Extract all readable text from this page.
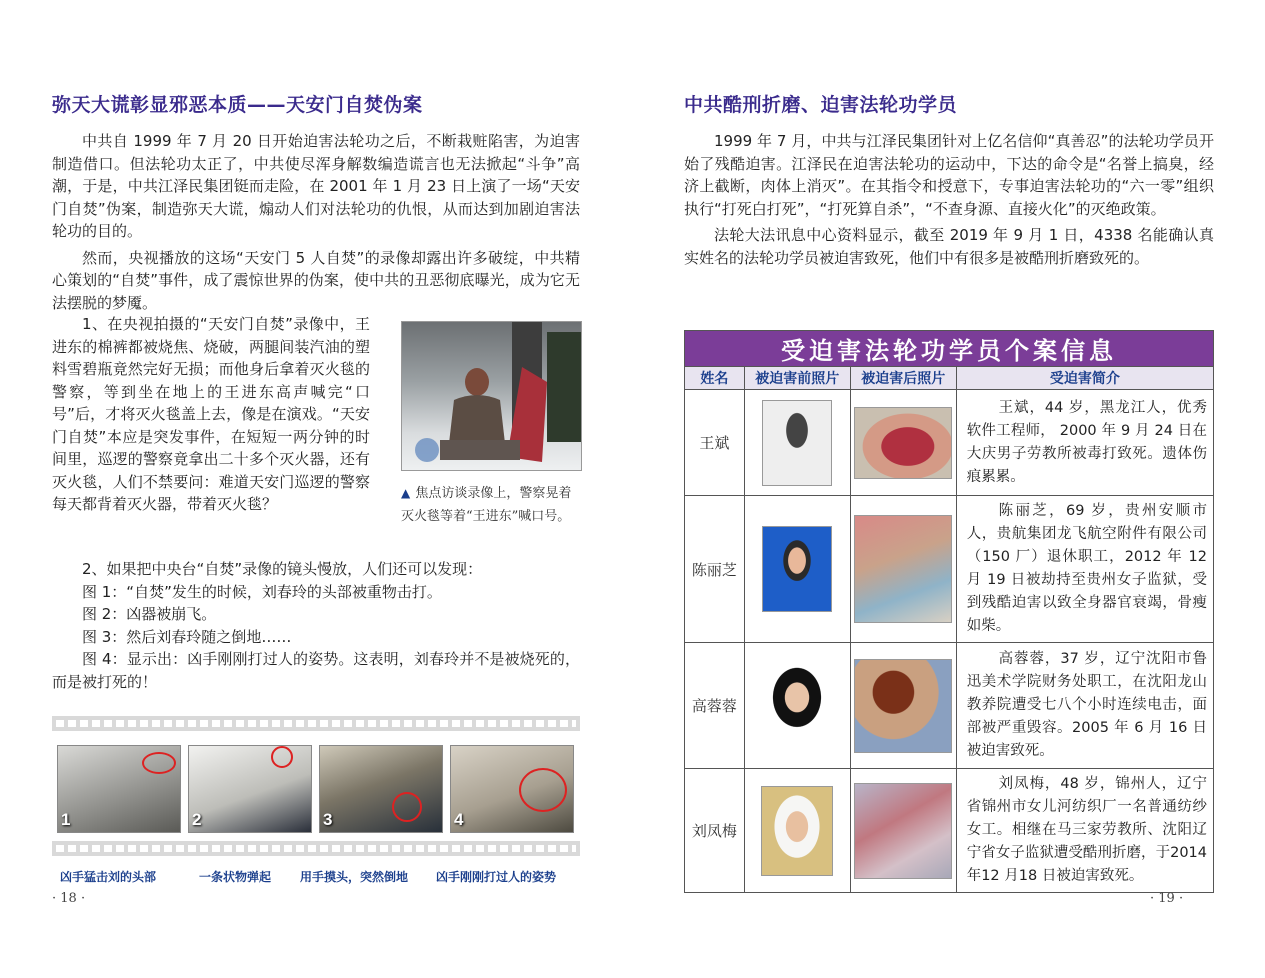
弥天大谎彰显邪恶本质——天安门自焚伪案

中共自 1999 年 7 月 20 日开始迫害法轮功之后，不断栽赃陷害，为迫害制造借口。但法轮功太正了，中共使尽浑身解数编造谎言也无法掀起“斗争”高潮，于是，中共江泽民集团铤而走险，在 2001 年 1 月 23 日上演了一场“天安门自焚”伪案，制造弥天大谎，煽动人们对法轮功的仇恨，从而达到加剧迫害法轮功的目的。

然而，央视播放的这场“天安门 5 人自焚”的录像却露出许多破绽，中共精心策划的“自焚”事件，成了震惊世界的伪案，使中共的丑恶彻底曝光，成为它无法摆脱的梦魇。

1、在央视拍摄的“天安门自焚”录像中，王进东的棉裤都被烧焦、烧破，两腿间装汽油的塑料雪碧瓶竟然完好无损；而他身后拿着灭火毯的警察，等到坐在地上的王进东高声喊完“口号”后，才将灭火毯盖上去，像是在演戏。“天安门自焚”本应是突发事件，在短短一两分钟的时间里，巡逻的警察竟拿出二十多个灭火器，还有灭火毯，人们不禁要问：难道天安门巡逻的警察每天都背着灭火器，带着灭火毯？

▲ 焦点访谈录像上，警察晃着灭火毯等着“王进东”喊口号。

2、如果把中央台“自焚”录像的镜头慢放，人们还可以发现：

图 1：“自焚”发生的时候，刘春玲的头部被重物击打。

图 2：凶器被崩飞。

图 3：然后刘春玲随之倒地……

图 4：显示出：凶手刚刚打过人的姿势。这表明，刘春玲并不是被烧死的，而是被打死的！

1	2	3	4
凶手猛击刘的头部	一条状物弹起 用手摸头，突然倒地 凶手刚刚打过人的姿势
· 18 ·
中共酷刑折磨、迫害法轮功学员

1999 年 7 月，中共与江泽民集团针对上亿名信仰“真善忍”的法轮功学员开始了残酷迫害。江泽民在迫害法轮功的运动中，下达的命令是“名誉上搞臭，经济上截断，肉体上消灭”。在其指令和授意下，专事迫害法轮功的“六一零”组织执行“打死白打死”，“打死算自杀”，“不查身源、直接火化”的灭绝政策。

法轮大法讯息中心资料显示，截至 2019 年 9 月 1 日，4338 名能确认真实姓名的法轮功学员被迫害致死，他们中有很多是被酷刑折磨致死的。

受迫害法轮功学员个案信息			
姓名	被迫害前照片	被迫害后照片	受迫害简介
王斌			王斌，44 岁，黑龙江人，优秀软件工程师， 2000 年 9 月 24 日在大庆男子劳教所被毒打致死。遗体伤痕累累。
陈丽芝			陈丽芝，69 岁，贵州安顺市人，贵航集团龙飞航空附件有限公司（150 厂）退休职工，2012 年 12 月 19 日被劫持至贵州女子监狱，受到残酷迫害以致全身器官衰竭，骨瘦如柴。
高蓉蓉			高蓉蓉，37 岁，辽宁沈阳市鲁迅美术学院财务处职工，在沈阳龙山教养院遭受七八个小时连续电击，面部被严重毁容。2005 年 6 月 16 日被迫害致死。
刘凤梅			刘凤梅，48 岁，锦州人，辽宁省锦州市女儿河纺织厂一名普通纺纱女工。相继在马三家劳教所、沈阳辽宁省女子监狱遭受酷刑折磨，于2014 年12 月18 日被迫害致死。
· 19 ·
